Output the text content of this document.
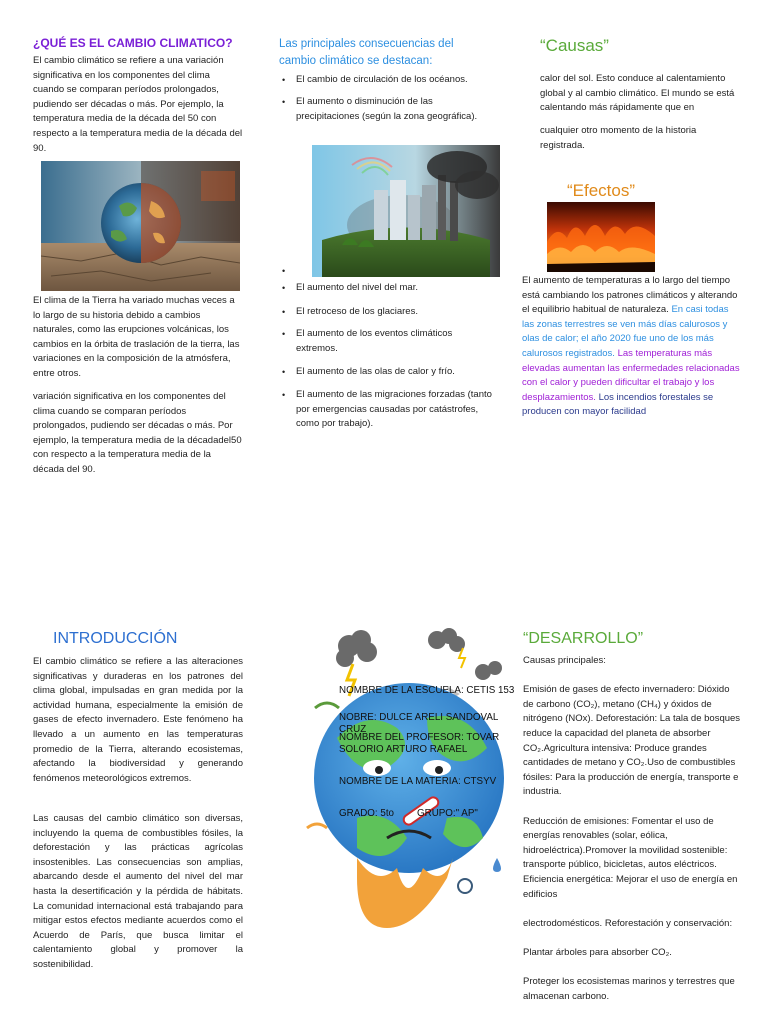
¿QUÉ ES EL CAMBIO CLIMATICO?
El cambio climático se refiere a una variación significativa en los componentes del clima cuando se comparan períodos prolongados, pudiendo ser décadas o más. Por ejemplo, la temperatura media de la década del 50 con respecto a la temperatura media de la década del 90.
El clima de la Tierra ha variado muchas veces a lo largo de su historia debido a cambios naturales, como las erupciones volcánicas, los cambios en la órbita de traslación de la tierra, las variaciones en la composición de la atmósfera, entre otros.
variación significativa en los componentes del clima cuando se comparan períodos prolongados, pudiendo ser décadas o más. Por ejemplo, la temperatura media de la décadadel50 con respecto a la temperatura media de la década del 90.
Las principales consecuencias del cambio climático se destacan:
• El cambio de circulación de los océanos.
• El aumento o disminución de las precipitaciones (según la zona geográfica).
•
• El aumento del nivel del mar.
• El retroceso de los glaciares.
• El aumento de los eventos climáticos extremos.
• El aumento de las olas de calor y frío.
• El aumento de las migraciones forzadas (tanto por emergencias causadas por catástrofes, como por trabajo).
“Causas”
calor del sol. Esto conduce al calentamiento global y al cambio climático. El mundo se está calentando más rápidamente que en
cualquier otro momento de la historia registrada.
“Efectos”
El aumento de temperaturas a lo largo del tiempo está cambiando los patrones climáticos y alterando el equilibrio habitual de naturaleza. En casi todas las zonas terrestres se ven más días calurosos y olas de calor; el año 2020 fue uno de los más calurosos registrados. Las temperaturas más elevadas aumentan las enfermedades relacionadas con el calor y pueden dificultar el trabajo y los desplazamientos. Los incendios forestales se producen con mayor facilidad
INTRODUCCIÓN
El cambio climático se refiere a las alteraciones significativas y duraderas en los patrones del clima global, impulsadas en gran medida por la actividad humana, especialmente la emisión de gases de efecto invernadero. Este fenómeno ha llevado a un aumento en las temperaturas promedio de la Tierra, alterando ecosistemas, afectando la biodiversidad y generando fenómenos meteorológicos extremos.
Las causas del cambio climático son diversas, incluyendo la quema de combustibles fósiles, la deforestación y las prácticas agrícolas insostenibles. Las consecuencias son amplias, abarcando desde el aumento del nivel del mar hasta la desertificación y la pérdida de hábitats. La comunidad internacional está trabajando para mitigar estos efectos mediante acuerdos como el Acuerdo de París, que busca limitar el calentamiento global y promover la sostenibilidad.
NOMBRE DE LA ESCUELA: CETIS 153
NOBRE: DULCE ARELI SANDOVAL CRUZ
NOMBRE DEL PROFESOR: TOVAR SOLORIO ARTURO RAFAEL
NOMBRE DE LA MATERIA: CTSYV
GRADO: 5to GRUPO:" AP"
“DESARROLLO”
Causas principales:
Emisión de gases de efecto invernadero: Dióxido de carbono (CO₂), metano (CH₄) y óxidos de nitrógeno (NOx). Deforestación: La tala de bosques reduce la capacidad del planeta de absorber CO₂.Agricultura intensiva: Produce grandes cantidades de metano y CO₂.Uso de combustibles fósiles: Para la producción de energía, transporte e industria.
Reducción de emisiones: Fomentar el uso de energías renovables (solar, eólica, hidroeléctrica).Promover la movilidad sostenible: transporte público, bicicletas, autos eléctricos. Eficiencia energética: Mejorar el uso de energía en edificios
electrodomésticos. Reforestación y conservación:
Plantar árboles para absorber CO₂.
Proteger los ecosistemas marinos y terrestres que almacenan carbono.
